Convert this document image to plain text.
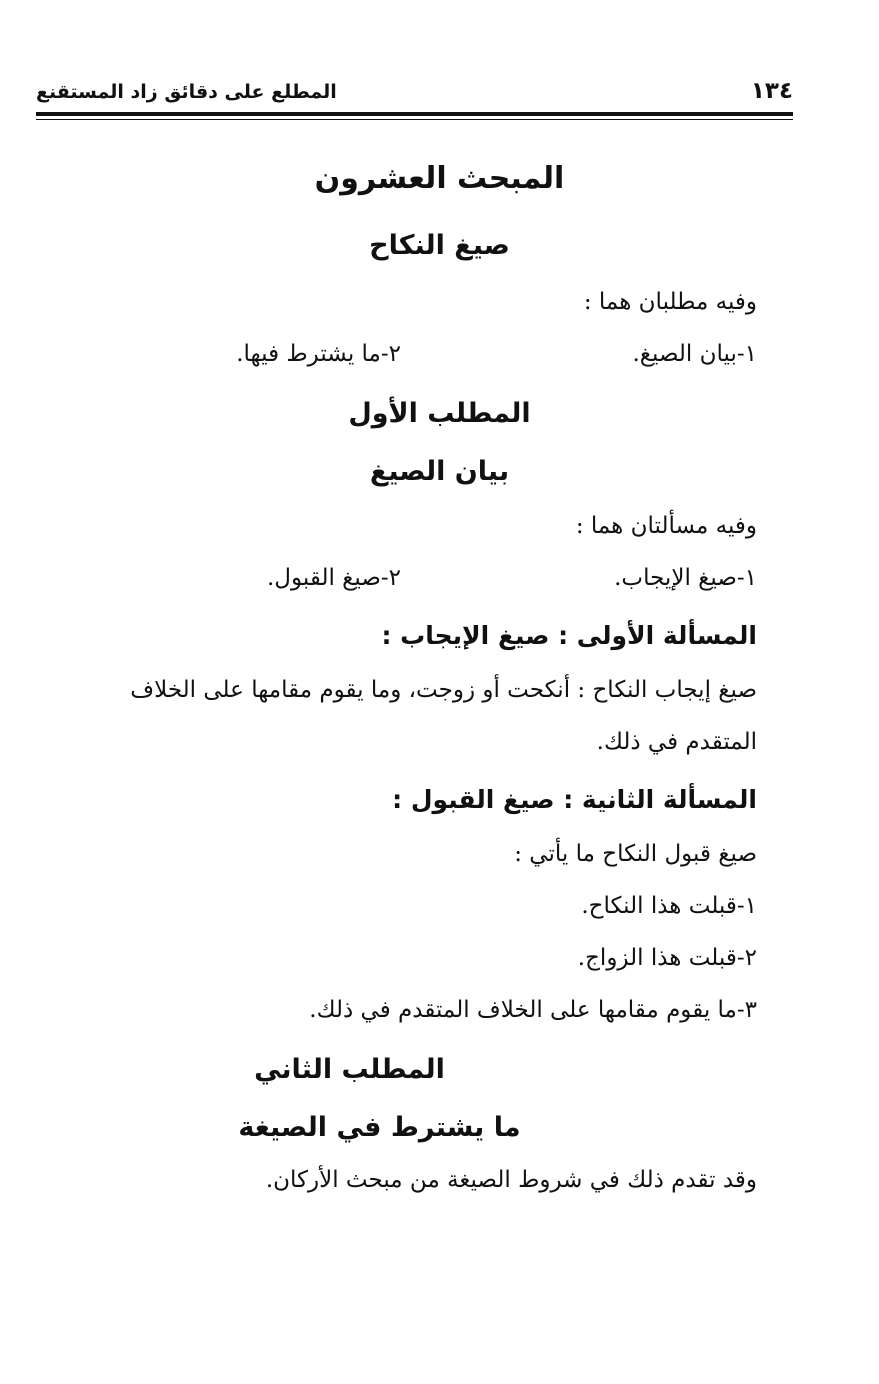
١٣٤
المطلع على دقائق زاد المستقنع
المبحث العشرون
صيغ النكاح
وفيه مطلبان هما :
١-بيان الصيغ.
٢-ما يشترط فيها.
المطلب الأول
بيان الصيغ
وفيه مسألتان هما :
١-صيغ الإيجاب.
٢-صيغ القبول.
المسألة الأولى : صيغ الإيجاب :
صيغ إيجاب النكاح : أنكحت أو زوجت، وما يقوم مقامها على الخلاف
المتقدم في ذلك.
المسألة الثانية : صيغ القبول :
صيغ قبول النكاح ما يأتي :
١-قبلت هذا النكاح.
٢-قبلت هذا الزواج.
٣-ما يقوم مقامها على الخلاف المتقدم في ذلك.
المطلب الثاني
ما يشترط في الصيغة
وقد تقدم ذلك في شروط الصيغة من مبحث الأركان.
